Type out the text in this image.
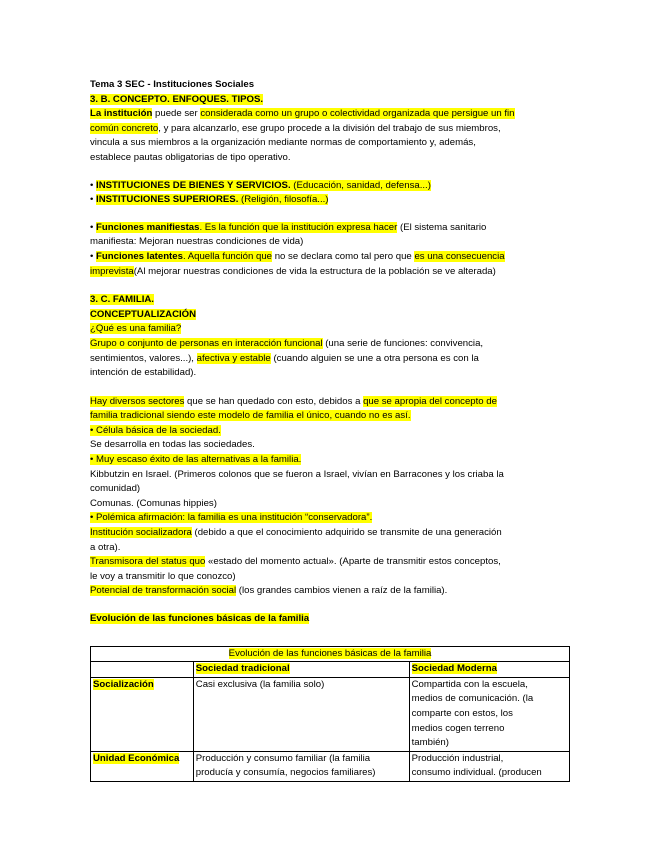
Tema 3 SEC - Instituciones Sociales

3. B. CONCEPTO. ENFOQUES. TIPOS.

La institución puede ser considerada como un grupo o colectividad organizada que persigue un fin
común concreto, y para alcanzarlo, ese grupo procede a la división del trabajo de sus miembros,
vincula a sus miembros a la organización mediante normas de comportamiento y, además,
establece pautas obligatorias de tipo operativo.

• INSTITUCIONES DE BIENES Y SERVICIOS. (Educación, sanidad, defensa...)

• INSTITUCIONES SUPERIORES. (Religión, filosofía...)

• Funciones manifiestas. Es la función que la institución expresa hacer (El sistema sanitario
manifiesta: Mejoran nuestras condiciones de vida)

• Funciones latentes. Aquella función que no se declara como tal pero que es una consecuencia
imprevista(Al mejorar nuestras condiciones de vida la estructura de la población se ve alterada)

3. C. FAMILIA.

CONCEPTUALIZACIÓN

¿Qué es una familia?

Grupo o conjunto de personas en interacción funcional (una serie de funciones: convivencia,
sentimientos, valores...), afectiva y estable (cuando alguien se une a otra persona es con la
intención de estabilidad).

Hay diversos sectores que se han quedado con esto, debidos a que se apropia del concepto de
familia tradicional siendo este modelo de familia el único, cuando no es así.

• Célula básica de la sociedad.

Se desarrolla en todas las sociedades.

• Muy escaso éxito de las alternativas a la familia.

Kibbutzin en Israel. (Primeros colonos que se fueron a Israel, vivían en Barracones y los criaba la
comunidad)

Comunas. (Comunas hippies)

• Polémica afirmación: la familia es una institución “conservadora”.

Institución socializadora (debido a que el conocimiento adquirido se transmite de una generación
a otra).

Transmisora del status quo «estado del momento actual». (Aparte de transmitir estos conceptos,
le voy a transmitir lo que conozco)

Potencial de transformación social (los grandes cambios vienen a raíz de la familia).

Evolución de las funciones básicas de la familia

Evolución de las funciones básicas de la familia		
	Sociedad tradicional	Sociedad Moderna
Socialización	Casi exclusiva (la familia solo)	Compartida con la escuela,
medios de comunicación. (la
comparte con estos, los
medios cogen terreno
también)
Unidad Económica	Producción y consumo familiar (la familia
producía y consumía, negocios familiares)	Producción industrial,
consumo individual. (producen
